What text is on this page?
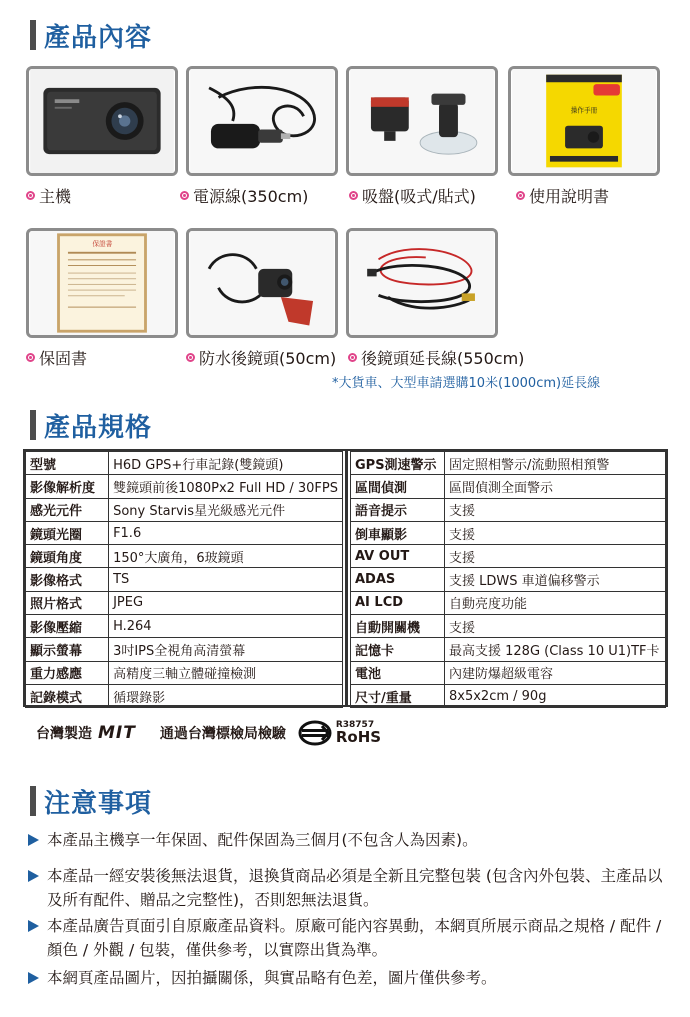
產品內容
操作手冊
主機	電源線(350cm)	吸盤(吸式/貼式)	使用說明書
保證書
保固書	防水後鏡頭(50cm) 後鏡頭延長線(550cm)
*大貨車、大型車請選購10米(1000cm)延長線
產品規格
型號	H6D GPS+行車記錄(雙鏡頭)
影像解析度	雙鏡頭前後1080Px2 Full HD / 30FPS
感光元件	Sony Starvis星光級感光元件
鏡頭光圈	F1.6
鏡頭角度	150°大廣角，6玻鏡頭
影像格式	TS
照片格式	JPEG
影像壓縮	H.264
顯示螢幕	3吋IPS全視角高清螢幕
重力感應	高精度三軸立體碰撞檢測
記錄模式	循環錄影
GPS測速警示	固定照相警示/流動照相預警
區間偵測	區間偵測全面警示
語音提示	支援
倒車顯影	支援
AV OUT	支援
ADAS	支援 LDWS 車道偏移警示
AI LCD	自動亮度功能
自動開關機	支援
記憶卡	最高支援 128G (Class 10 U1)TF卡
電池	內建防爆超級電容
尺寸/重量	8x5x2cm / 90g
台灣製造 MIT 通過台灣標檢局檢驗
R38757
RoHS
注意事項
本產品主機享一年保固、配件保固為三個月(不包含人為因素)。
本產品一經安裝後無法退貨，退換貨商品必須是全新且完整包裝 (包含內外包裝、主產品以及所有配件、贈品之完整性)，否則恕無法退貨。
本產品廣告頁面引自原廠產品資料。原廠可能內容異動，本網頁所展示商品之規格 / 配件 / 顏色 / 外觀 / 包裝，僅供參考，以實際出貨為準。
本網頁產品圖片，因拍攝關係，與實品略有色差，圖片僅供參考。
